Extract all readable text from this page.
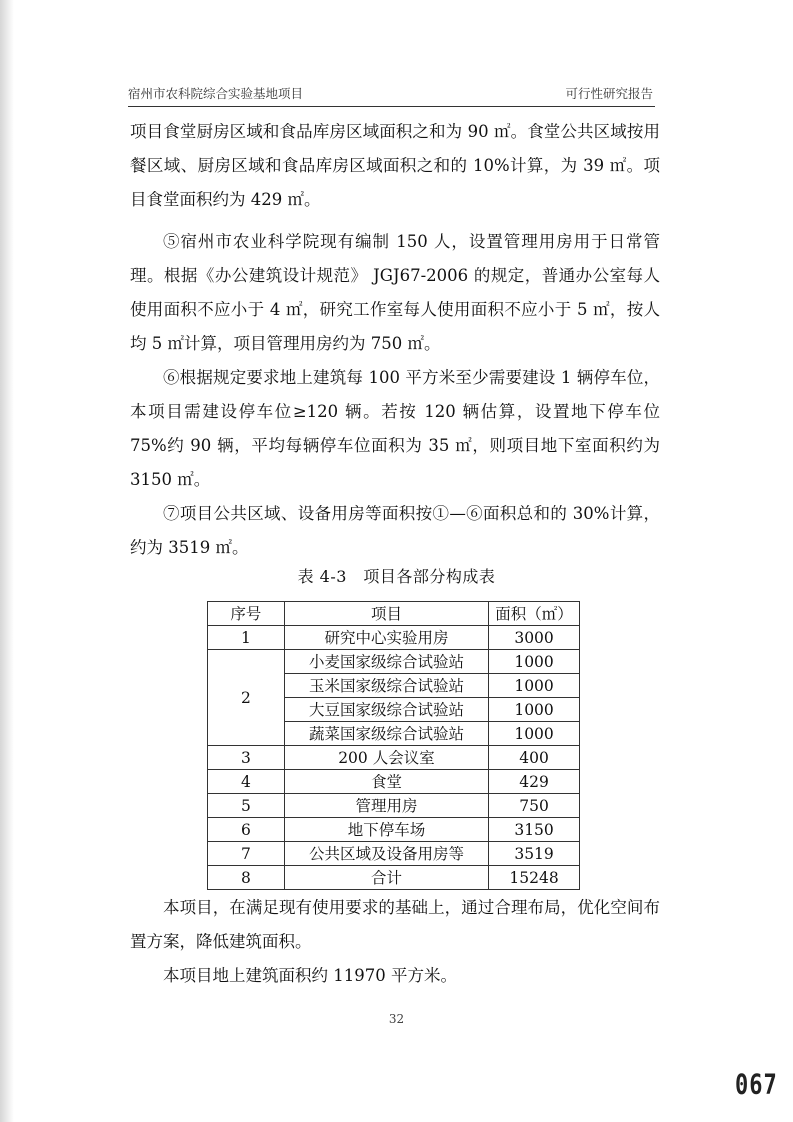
宿州市农科院综合实验基地项目	可行性研究报告

项目食堂厨房区域和食品库房区域面积之和为 90 ㎡。食堂公共区域按用餐区域、厨房区域和食品库房区域面积之和的 10%计算，为 39 ㎡。项目食堂面积约为 429 ㎡。

⑤宿州市农业科学院现有编制 150 人，设置管理用房用于日常管理。根据《办公建筑设计规范》 JGJ67-2006 的规定，普通办公室每人使用面积不应小于 4 ㎡，研究工作室每人使用面积不应小于 5 ㎡，按人均 5 ㎡计算，项目管理用房约为 750 ㎡。

⑥根据规定要求地上建筑每 100 平方米至少需要建设 1 辆停车位，本项目需建设停车位≥120 辆。若按 120 辆估算，设置地下停车位 75%约 90 辆，平均每辆停车位面积为 35 ㎡，则项目地下室面积约为 3150 ㎡。

⑦项目公共区域、设备用房等面积按①—⑥面积总和的 30%计算，约为 3519 ㎡。

表 4-3　项目各部分构成表
序号	项目	面积（㎡）
1	研究中心实验用房	3000
2	小麦国家级综合试验站	1000
	玉米国家级综合试验站	1000
	大豆国家级综合试验站	1000
	蔬菜国家级综合试验站	1000
3	200 人会议室	400
4	食堂	429
5	管理用房	750
6	地下停车场	3150
7	公共区域及设备用房等	3519
8	合计	15248

本项目，在满足现有使用要求的基础上，通过合理布局，优化空间布置方案，降低建筑面积。

本项目地上建筑面积约 11970 平方米。

32
067
